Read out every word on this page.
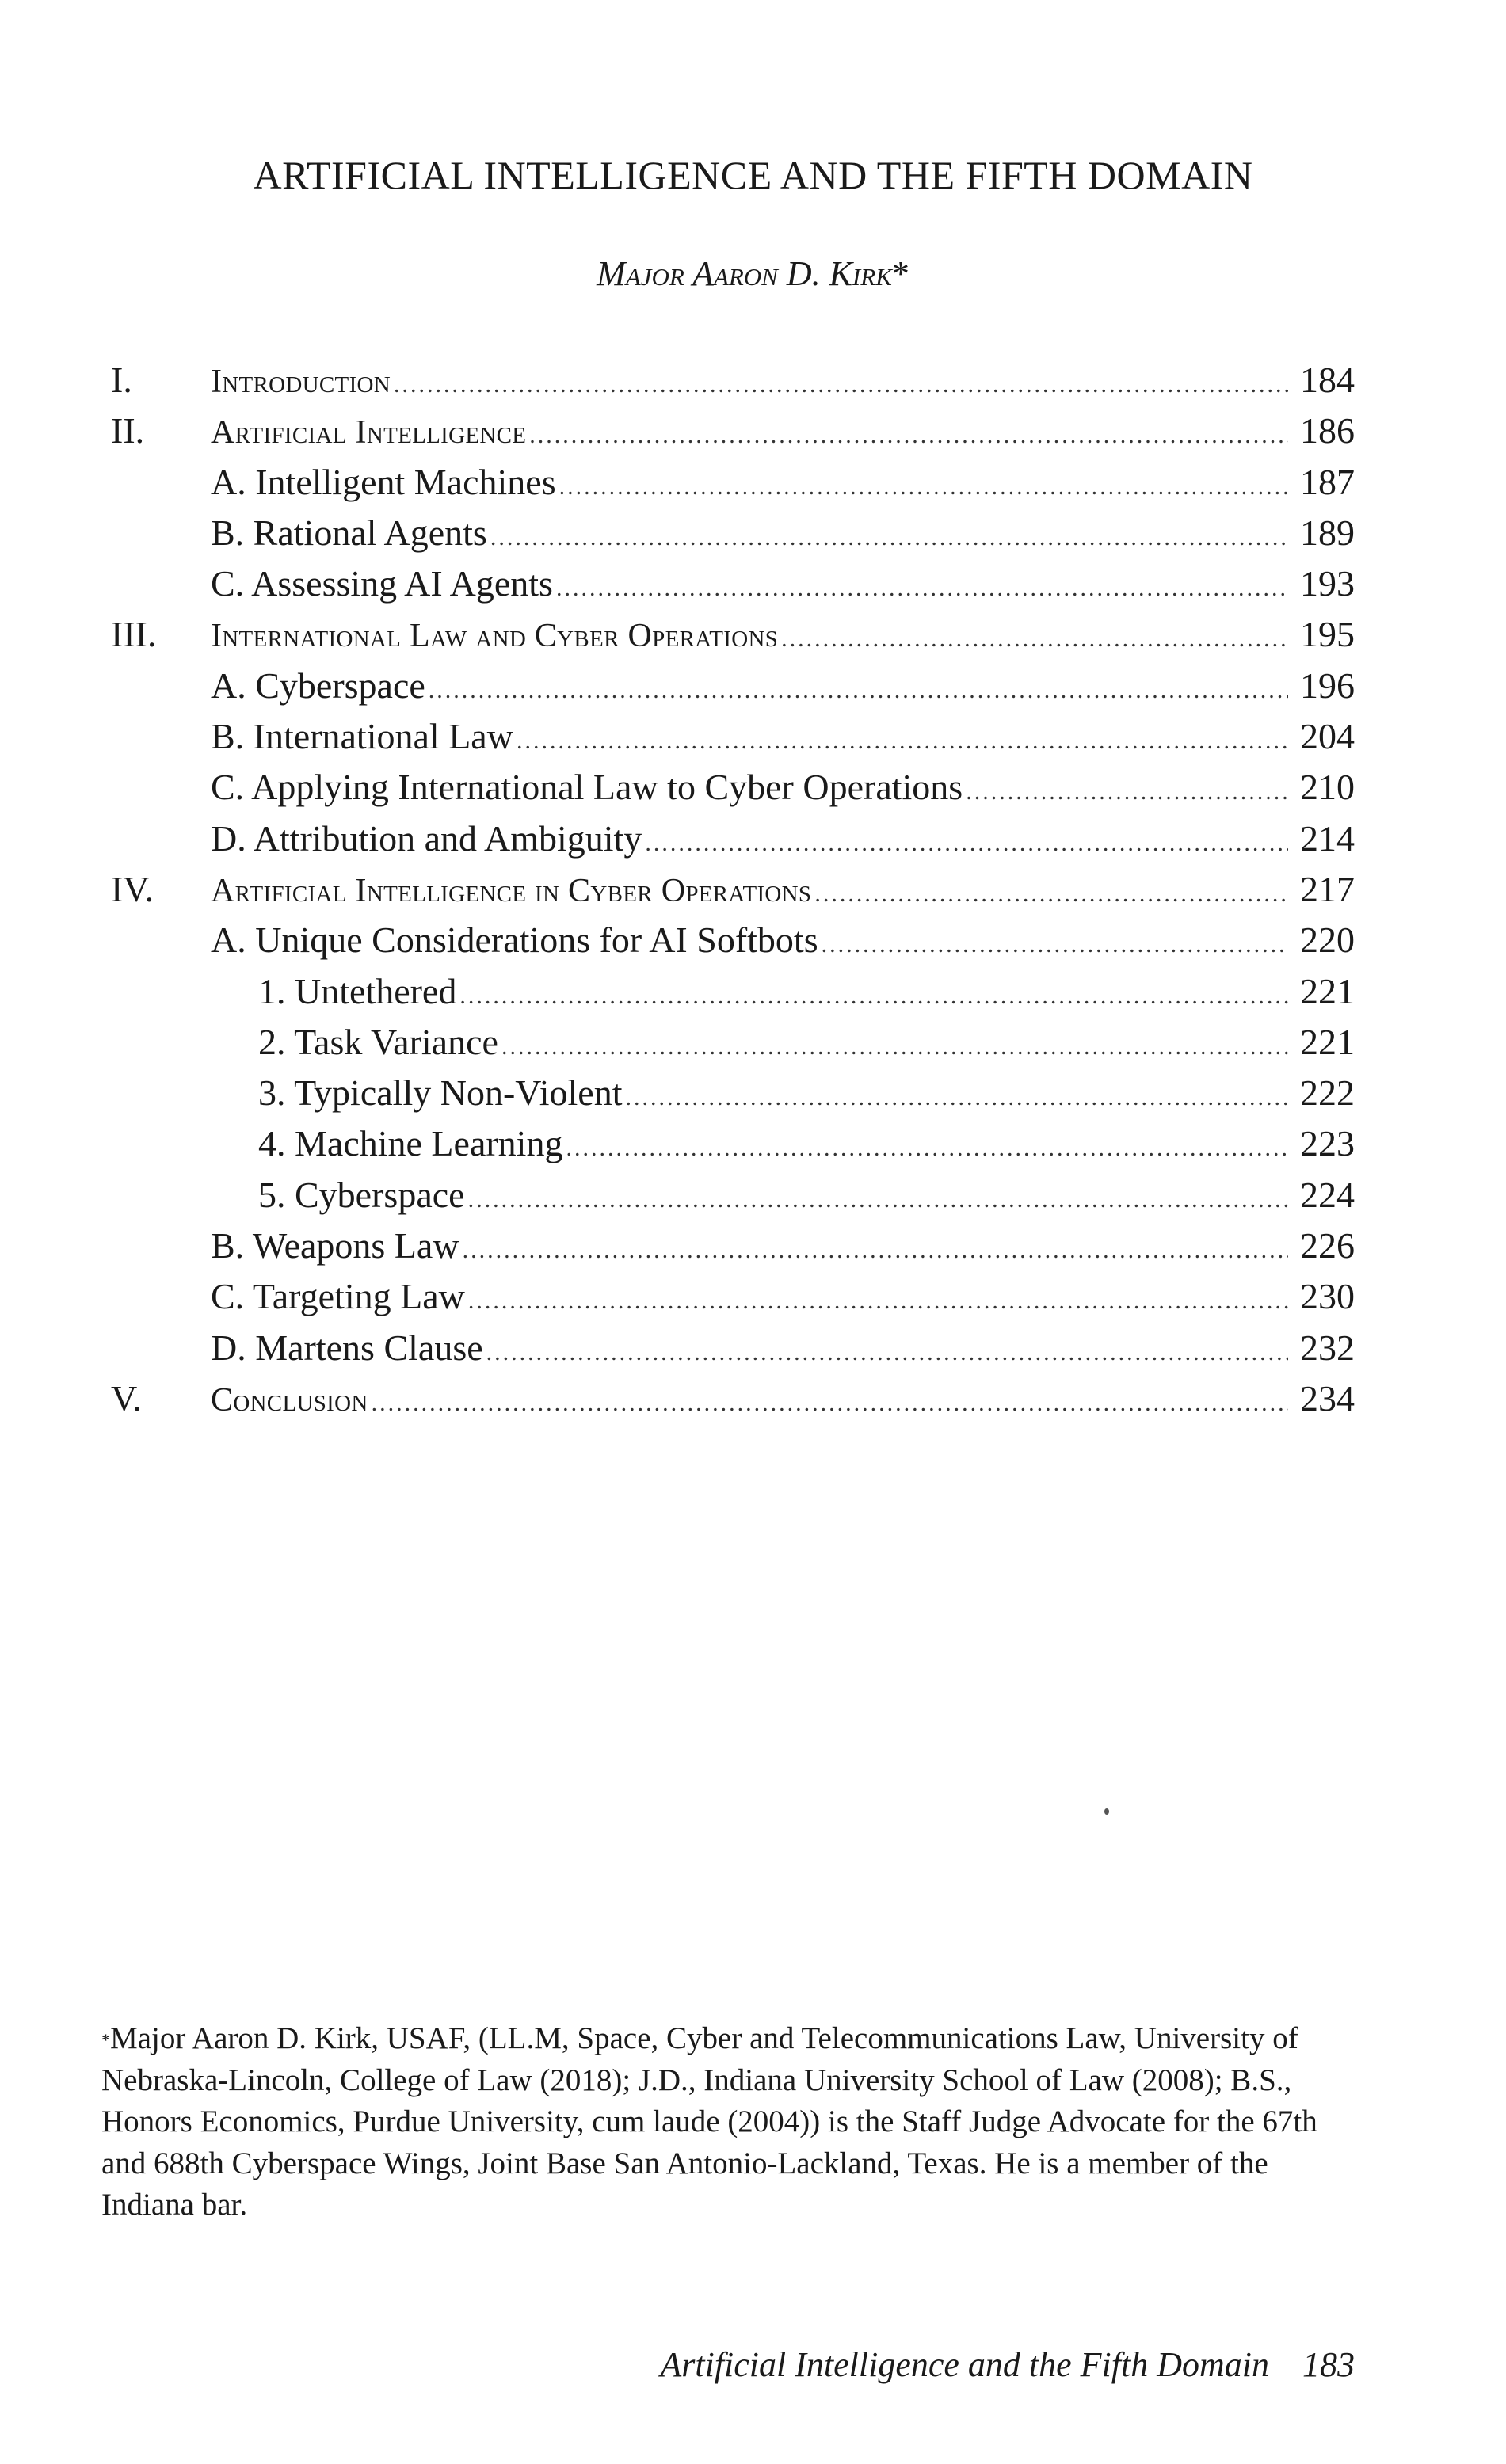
ARTIFICIAL INTELLIGENCE AND THE FIFTH DOMAIN

Major Aaron D. Kirk*

I.	Introduction .....	184
II.	Artificial Intelligence .....	186
A. Intelligent Machines .....	187
B. Rational Agents .....	189
C. Assessing AI Agents .....	193
III.	International Law and Cyber Operations .....	195
A. Cyberspace .....	196
B. International Law .....	204
C. Applying International Law to Cyber Operations .....	210
D. Attribution and Ambiguity .....	214
IV.	Artificial Intelligence in Cyber Operations .....	217
A. Unique Considerations for AI Softbots .....	220
1. Untethered .....	221
2. Task Variance .....	221
3. Typically Non-Violent .....	222
4. Machine Learning .....	223
5. Cyberspace .....	224
B. Weapons Law .....	226
C. Targeting Law .....	230
D. Martens Clause .....	232
V.	Conclusion .....	234

*Major Aaron D. Kirk, USAF, (LL.M, Space, Cyber and Telecommunications Law, University of Nebraska-Lincoln, College of Law (2018); J.D., Indiana University School of Law (2008); B.S., Honors Economics, Purdue University, cum laude (2004)) is the Staff Judge Advocate for the 67th and 688th Cyberspace Wings, Joint Base San Antonio-Lackland, Texas. He is a member of the Indiana bar.

Artificial Intelligence and the Fifth Domain 183
